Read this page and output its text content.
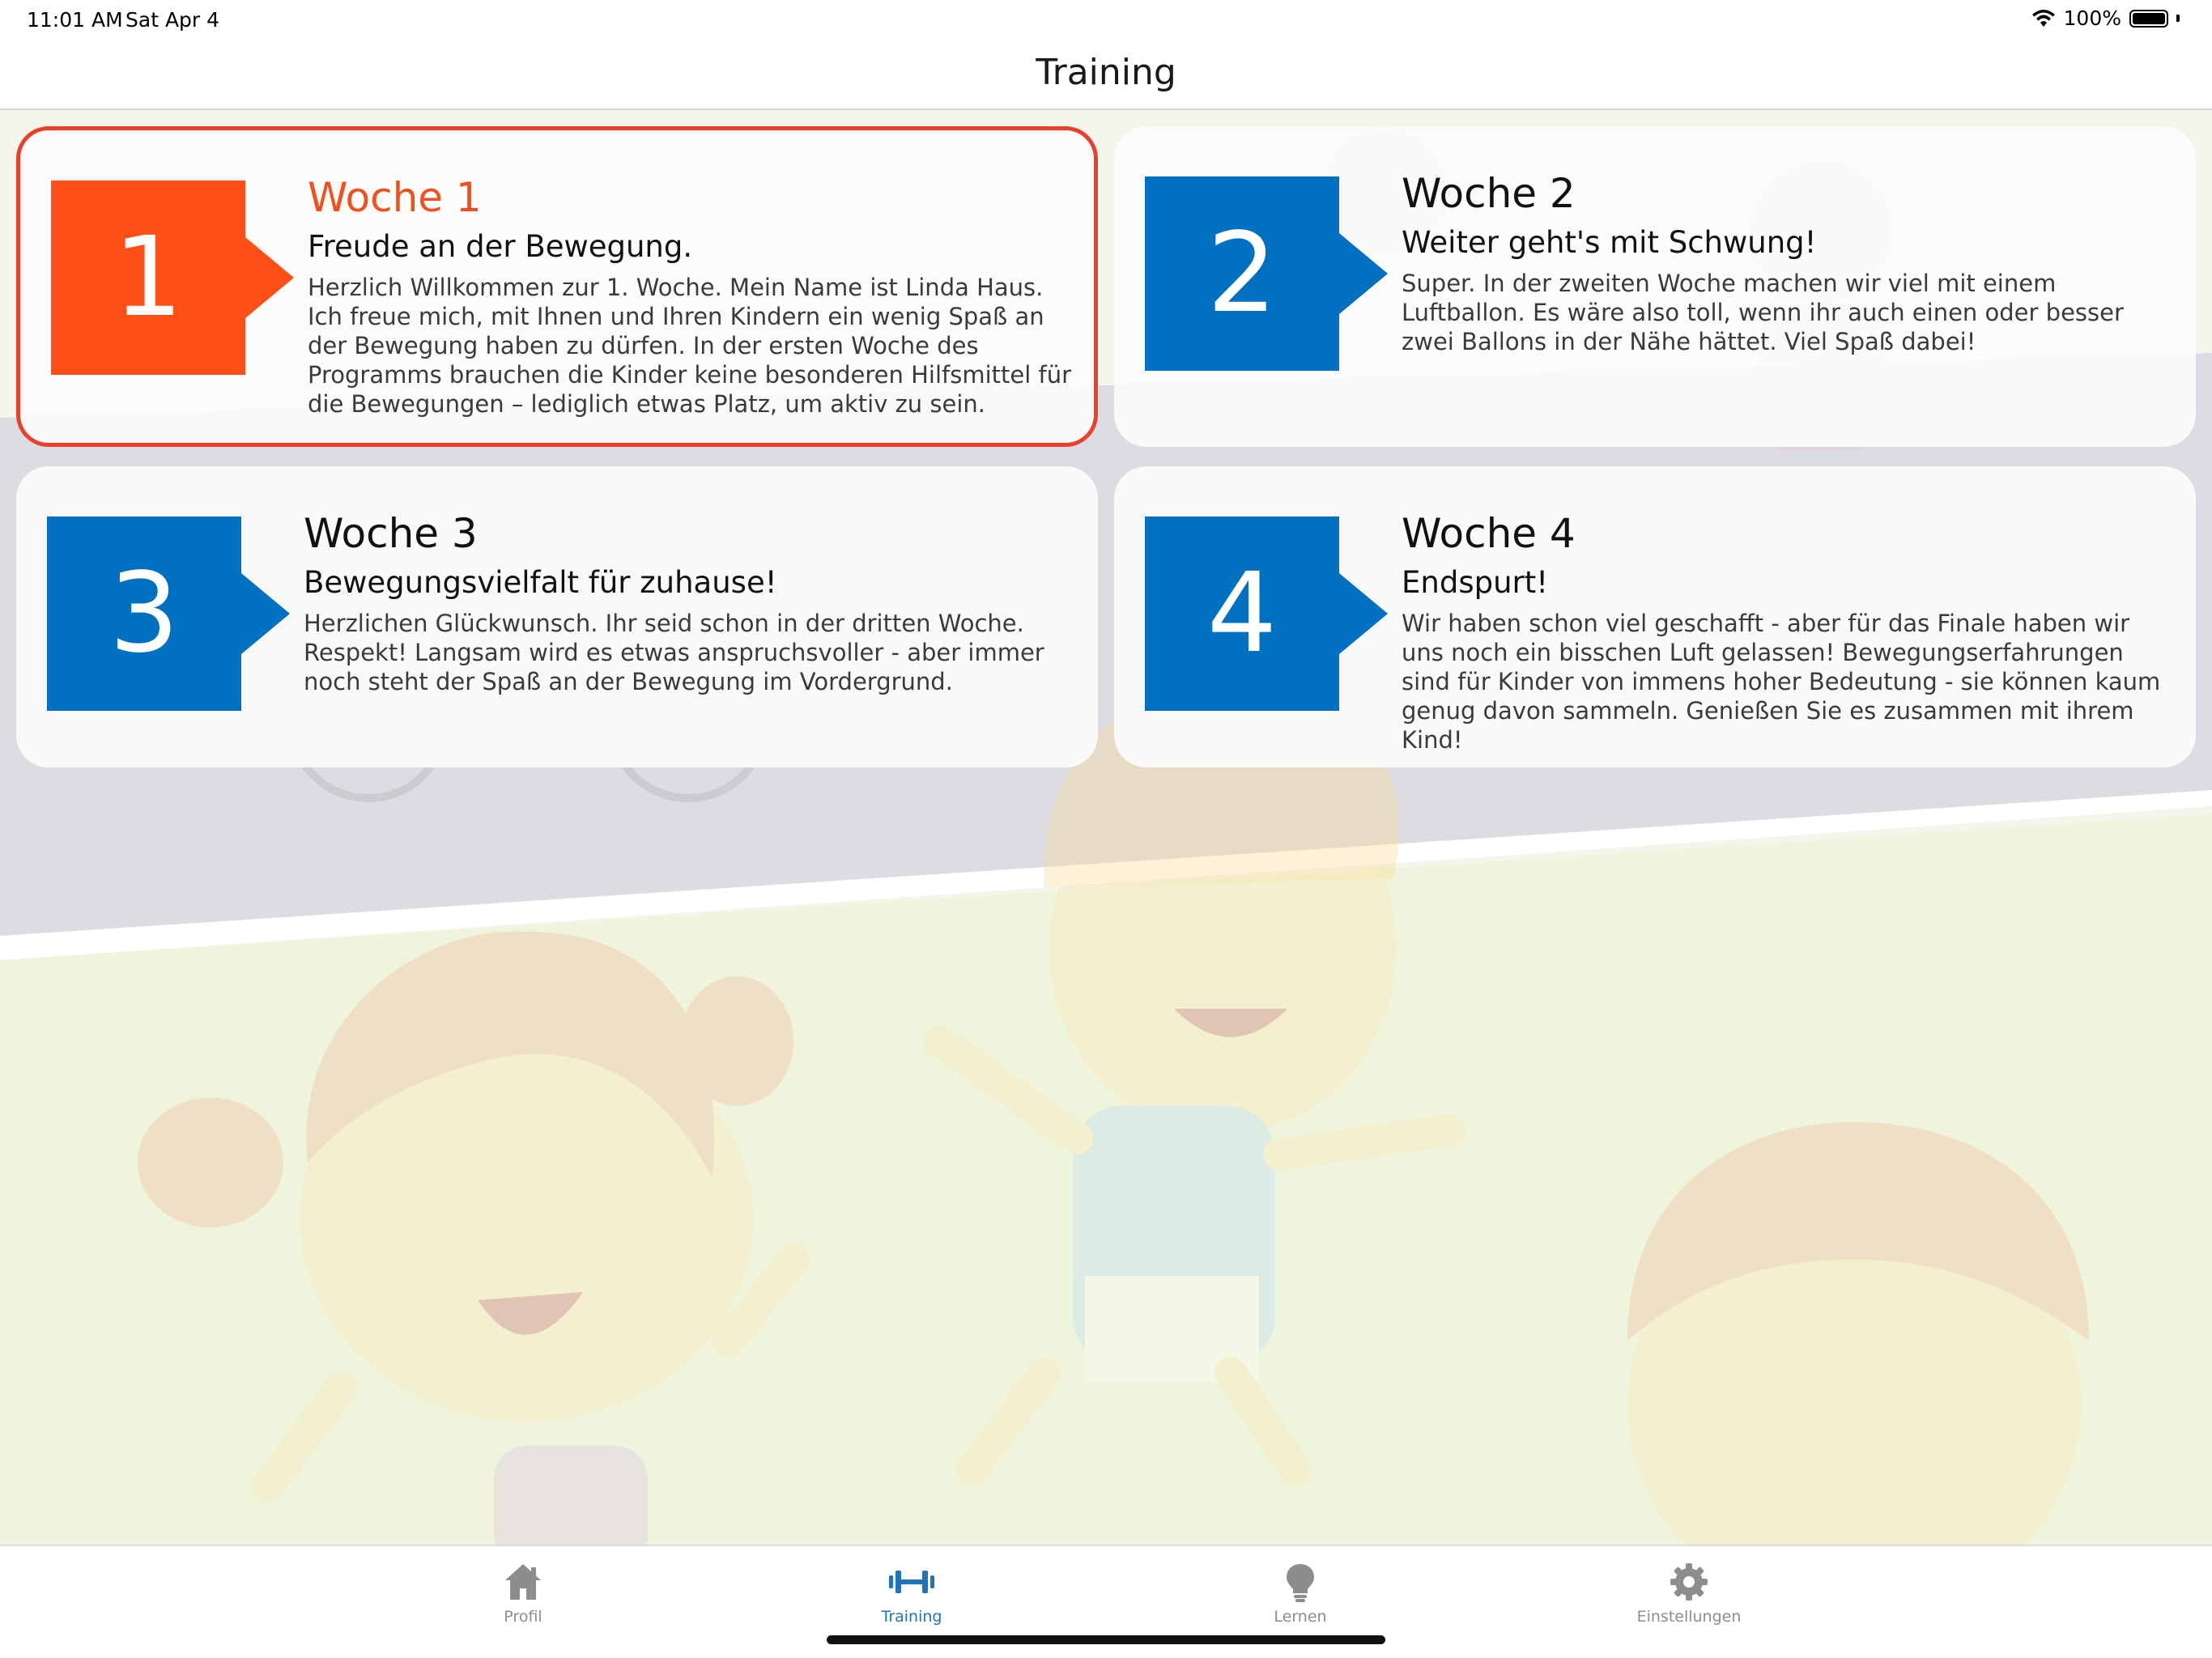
11:01 AM Sat Apr 4	100%
Training
1
Woche 1
Freude an der Bewegung.
Herzlich Willkommen zur 1. Woche. Mein Name ist Linda Haus. Ich freue mich, mit Ihnen und Ihren Kindern ein wenig Spaß an der Bewegung haben zu dürfen. In der ersten Woche des Programms brauchen die Kinder keine besonderen Hilfsmittel für die Bewegungen – lediglich etwas Platz, um aktiv zu sein.
2
Woche 2
Weiter geht's mit Schwung!
Super. In der zweiten Woche machen wir viel mit einem Luftballon. Es wäre also toll, wenn ihr auch einen oder besser zwei Ballons in der Nähe hättet. Viel Spaß dabei!
3
Woche 3
Bewegungsvielfalt für zuhause!
Herzlichen Glückwunsch. Ihr seid schon in der dritten Woche. Respekt! Langsam wird es etwas anspruchsvoller - aber immer noch steht der Spaß an der Bewegung im Vordergrund.
4
Woche 4
Endspurt!
Wir haben schon viel geschafft - aber für das Finale haben wir uns noch ein bisschen Luft gelassen! Bewegungserfahrungen sind für Kinder von immens hoher Bedeutung - sie können kaum genug davon sammeln. Genießen Sie es zusammen mit ihrem Kind!
Profil	Training	Lernen	Einstellungen
